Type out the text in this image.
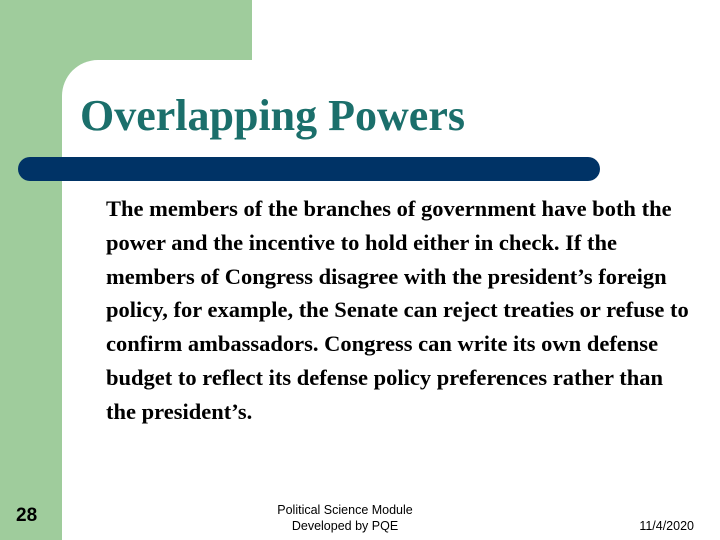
Overlapping Powers

The members of the branches of government have both the power and the incentive to hold either in check. If the members of Congress disagree with the president’s foreign policy, for example, the Senate can reject treaties or refuse to confirm ambassadors. Congress can write its own defense budget to reflect its defense policy preferences rather than the president’s.

28	Political Science Module
Developed by PQE	11/4/2020
